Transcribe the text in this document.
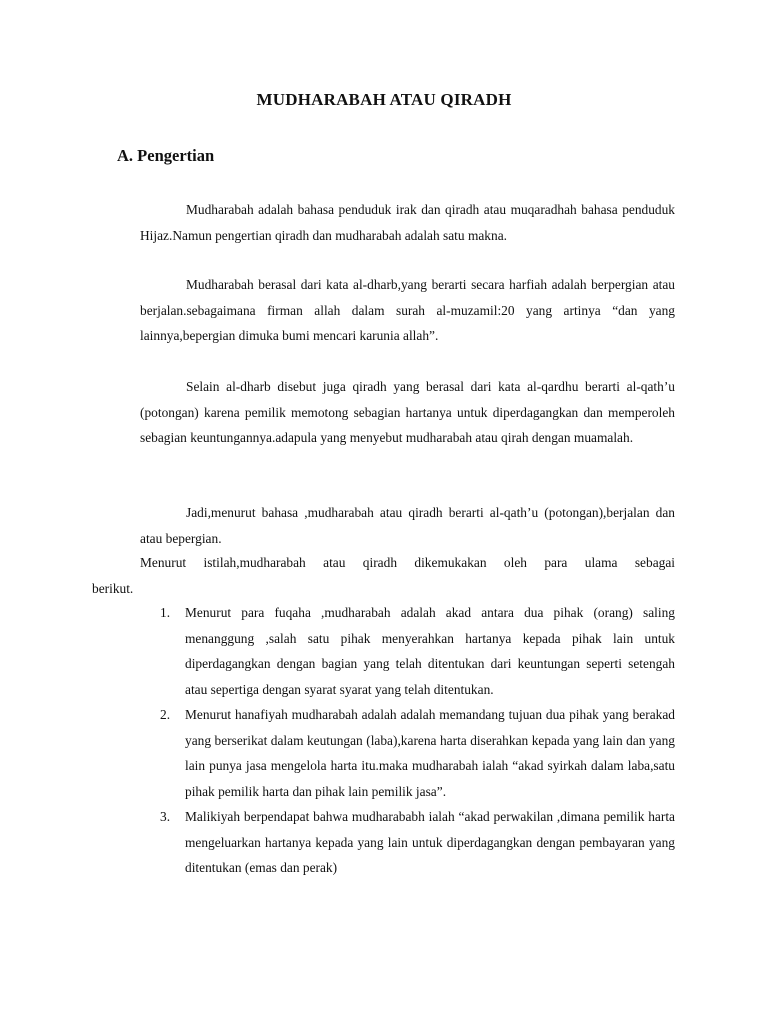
MUDHARABAH ATAU QIRADH
A. Pengertian

Mudharabah adalah bahasa penduduk irak dan qiradh atau muqaradhah bahasa penduduk Hijaz.Namun pengertian qiradh dan mudharabah adalah satu makna.

Mudharabah berasal dari kata al-dharb,yang berarti secara harfiah adalah berpergian atau berjalan.sebagaimana firman allah dalam surah al-muzamil:20 yang artinya “dan yang lainnya,bepergian dimuka bumi mencari karunia allah”.

Selain al-dharb disebut juga qiradh yang berasal dari kata al-qardhu berarti al-qath’u (potongan) karena pemilik memotong sebagian hartanya untuk diperdagangkan dan memperoleh sebagian keuntungannya.adapula yang menyebut mudharabah atau qirah dengan muamalah.

Jadi,menurut bahasa ,mudharabah atau qiradh berarti al-qath’u (potongan),berjalan dan atau bepergian.

Menurut istilah,mudharabah atau qiradh dikemukakan oleh para ulama sebagai
berikut.

1.	Menurut para fuqaha ,mudharabah adalah akad antara dua pihak (orang) saling menanggung ,salah satu pihak menyerahkan hartanya kepada pihak lain untuk diperdagangkan dengan bagian yang telah ditentukan dari keuntungan seperti setengah atau sepertiga dengan syarat syarat yang telah ditentukan.
2.	Menurut hanafiyah mudharabah adalah adalah memandang tujuan dua pihak yang berakad yang berserikat dalam keutungan (laba),karena harta diserahkan kepada yang lain dan yang lain punya jasa mengelola harta itu.maka mudharabah ialah “akad syirkah dalam laba,satu pihak pemilik harta dan pihak lain pemilik jasa”.
3.	Malikiyah berpendapat bahwa mudharababh ialah “akad perwakilan ,dimana pemilik harta mengeluarkan hartanya kepada yang lain untuk diperdagangkan dengan pembayaran yang ditentukan (emas dan perak)
